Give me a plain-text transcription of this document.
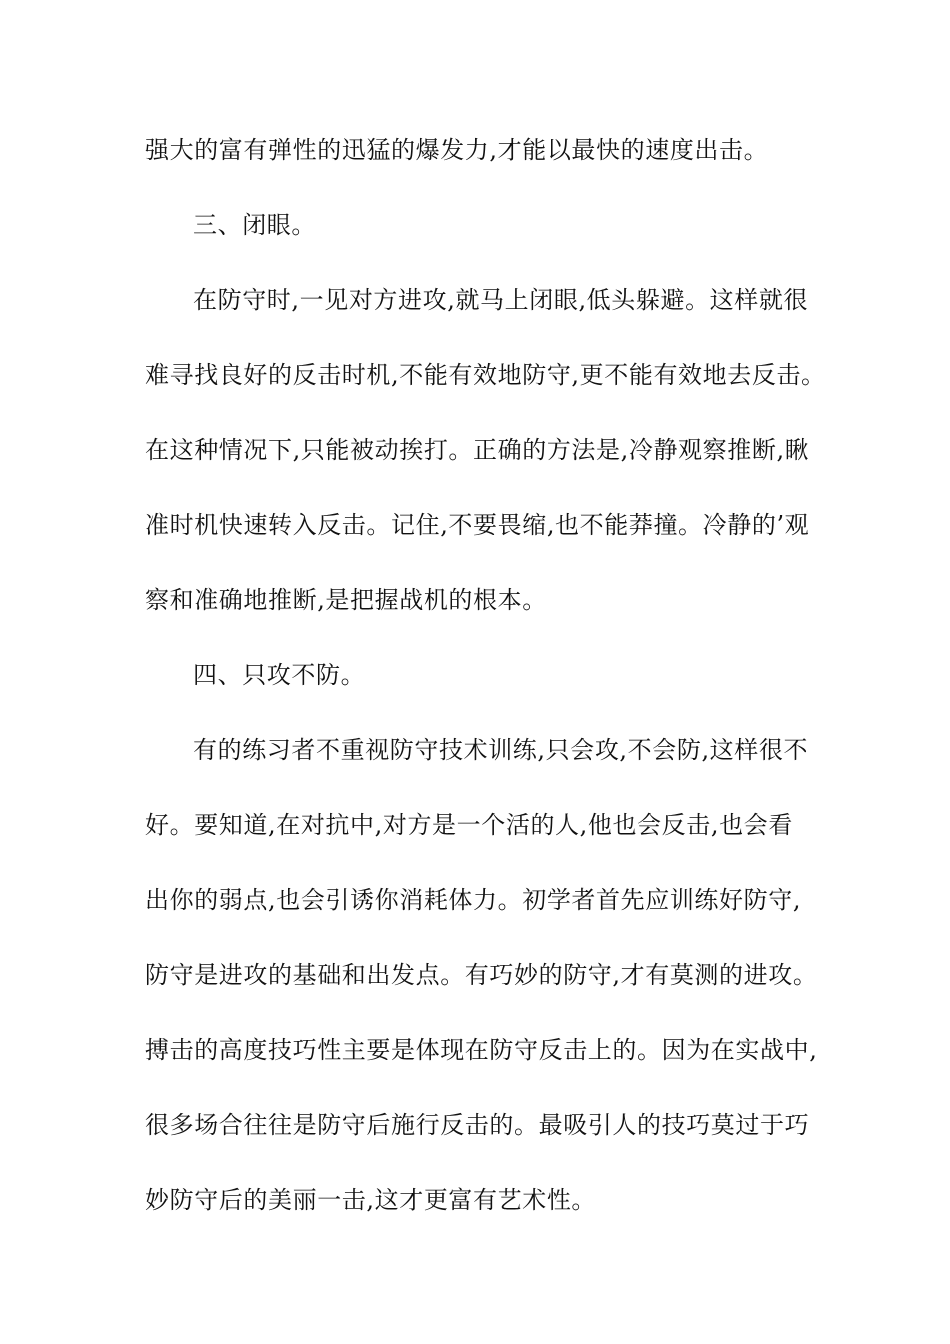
强大的富有弹性的迅猛的爆发力,才能以最快的速度出击。
三、闭眼。
在防守时,一见对方进攻,就马上闭眼,低头躲避。这样就很
难寻找良好的反击时机,不能有效地防守,更不能有效地去反击。
在这种情况下,只能被动挨打。正确的方法是,冷静观察推断,瞅
准时机快速转入反击。记住,不要畏缩,也不能莽撞。冷静的’观
察和准确地推断,是把握战机的根本。
四、只攻不防。
有的练习者不重视防守技术训练,只会攻,不会防,这样很不
好。要知道,在对抗中,对方是一个活的人,他也会反击,也会看
出你的弱点,也会引诱你消耗体力。初学者首先应训练好防守,
防守是进攻的基础和出发点。有巧妙的防守,才有莫测的进攻。
搏击的高度技巧性主要是体现在防守反击上的。因为在实战中,
很多场合往往是防守后施行反击的。最吸引人的技巧莫过于巧
妙防守后的美丽一击,这才更富有艺术性。
